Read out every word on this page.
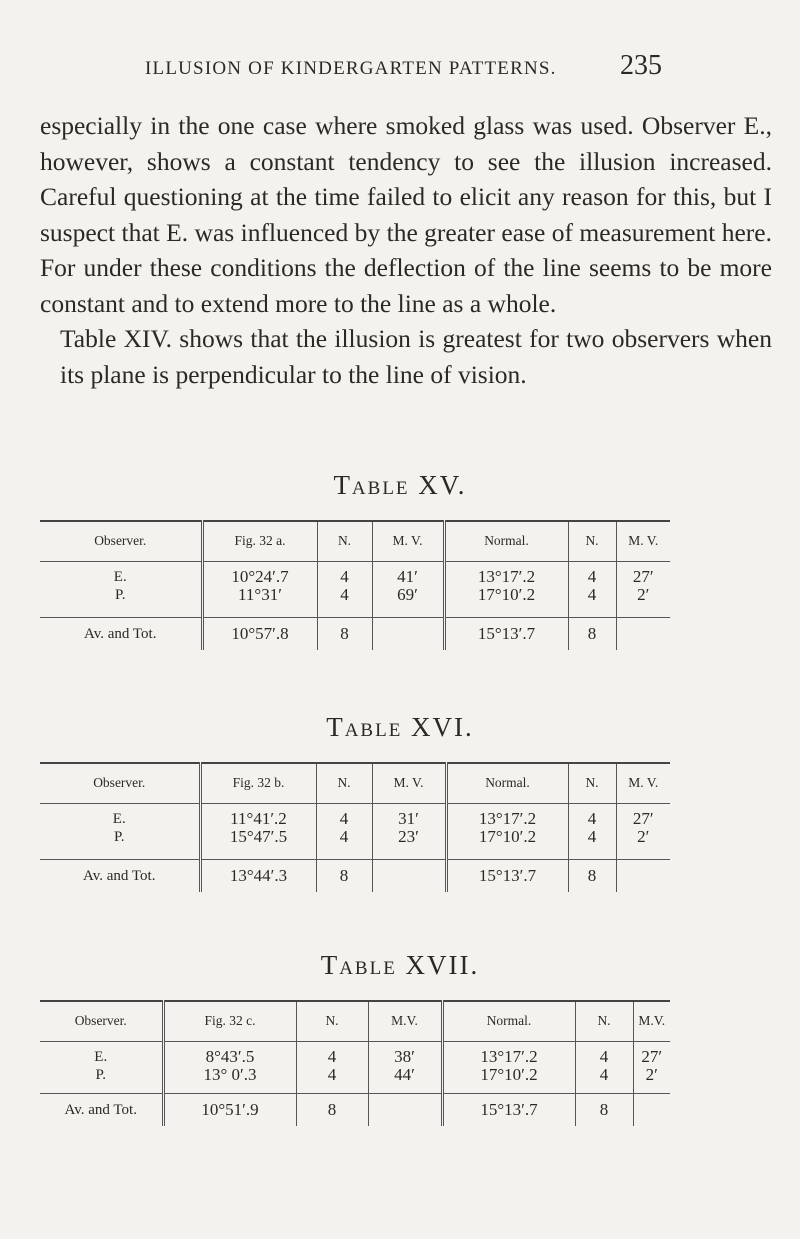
ILLUSION OF KINDERGARTEN PATTERNS. 235

especially in the one case where smoked glass was used. Observer E., however, shows a constant tendency to see the illusion increased. Careful questioning at the time failed to elicit any reason for this, but I suspect that E. was influenced by the greater ease of measurement here. For under these conditions the deflection of the line seems to be more constant and to extend more to the line as a whole.

Table XIV. shows that the illusion is greatest for two observers when its plane is perpendicular to the line of vision.

Table XV.
Observer.	Fig. 32 a.	N.	M. V.	Normal.	N.	M. V.
E.	10°24′.7	4	41′	13°17′.2	4	27′
P.	11°31′	4	69′	17°10′.2	4	2′
Av. and Tot.	10°57′.8	8		15°13′.7	8	
Table XVI.
Observer.	Fig. 32 b.	N.	M. V.	Normal.	N.	M. V.
E.	11°41′.2	4	31′	13°17′.2	4	27′
P.	15°47′.5	4	23′	17°10′.2	4	2′
Av. and Tot.	13°44′.3	8		15°13′.7	8	
Table XVII.
Observer.	Fig. 32 c.	N.	M.V.	Normal.	N.	M.V.
E.	8°43′.5	4	38′	13°17′.2	4	27′
P.	13° 0′.3	4	44′	17°10′.2	4	2′
Av. and Tot.	10°51′.9	8		15°13′.7	8	
